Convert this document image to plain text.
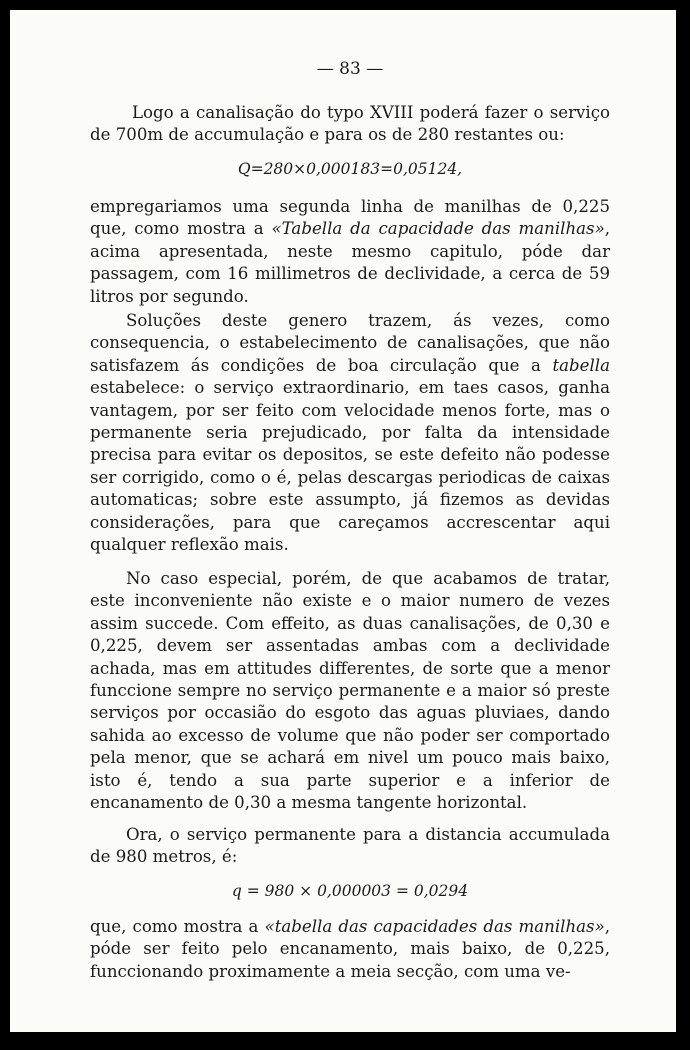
— 83 —

Logo a canalisação do typo XVIII poderá fazer o serviço de 700m de accumulação e para os de 280 restantes ou:

Q=280×0,000183=0,05124,

empregariamos uma segunda linha de manilhas de 0,225 que, como mostra a «Tabella da capacidade das manilhas», acima apresentada, neste mesmo capitulo, póde dar passagem, com 16 millimetros de declividade, a cerca de 59 litros por segundo.

Soluções deste genero trazem, ás vezes, como consequencia, o estabelecimento de canalisações, que não satisfazem ás condições de boa circulação que a tabella estabelece: o serviço extraordinario, em taes casos, ganha vantagem, por ser feito com velocidade menos forte, mas o permanente seria prejudicado, por falta da intensidade precisa para evitar os depositos, se este defeito não podesse ser corrigido, como o é, pelas descargas periodicas de caixas automaticas; sobre este assumpto, já fizemos as devidas considerações, para que careçamos accrescentar aqui qualquer reflexão mais.

No caso especial, porém, de que acabamos de tratar, este inconveniente não existe e o maior numero de vezes assim succede. Com effeito, as duas canalisações, de 0,30 e 0,225, devem ser assentadas ambas com a declividade achada, mas em attitudes differentes, de sorte que a menor funccione sempre no serviço permanente e a maior só preste serviços por occasião do esgoto das aguas pluviaes, dando sahida ao excesso de volume que não poder ser comportado pela menor, que se achará em nivel um pouco mais baixo, isto é, tendo a sua parte superior e a inferior de encanamento de 0,30 a mesma tangente horizontal.

Ora, o serviço permanente para a distancia accumulada de 980 metros, é:

q = 980 × 0,000003 = 0,0294

que, como mostra a «tabella das capacidades das manilhas», póde ser feito pelo encanamento, mais baixo, de 0,225, funccionando proximamente a meia secção, com uma ve-
